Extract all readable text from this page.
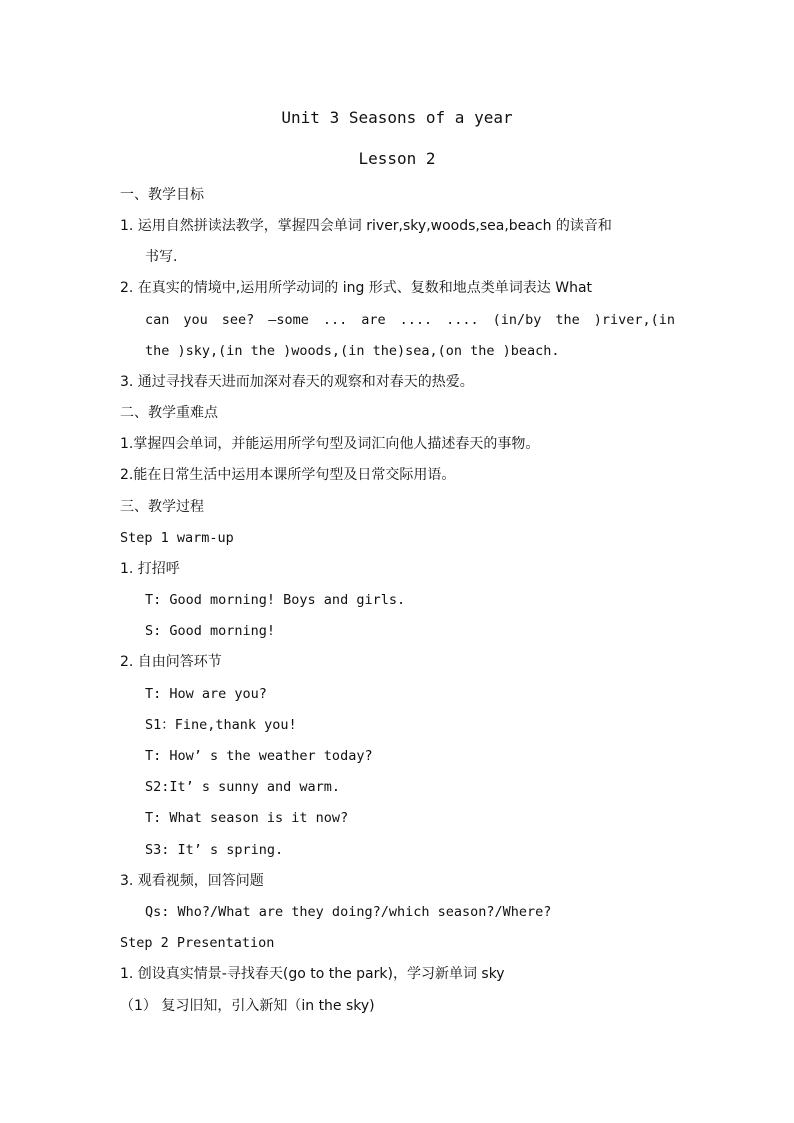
Unit 3 Seasons of a year
Lesson 2
一、教学目标
1. 运用自然拼读法教学，掌握四会单词 river,sky,woods,sea,beach 的读音和
书写.
2. 在真实的情境中,运用所学动词的 ing 形式、复数和地点类单词表达 What
can you see? —some ... are .... .... (in/by the )river,(in
the )sky,(in the )woods,(in the)sea,(on the )beach.
3. 通过寻找春天进而加深对春天的观察和对春天的热爱。
二、教学重难点
1.掌握四会单词，并能运用所学句型及词汇向他人描述春天的事物。
2.能在日常生活中运用本课所学句型及日常交际用语。
三、教学过程
Step 1 warm-up
1. 打招呼
T: Good morning! Boys and girls.
S: Good morning!
2. 自由问答环节
T: How are you?
S1：Fine,thank you!
T: How’ s the weather today?
S2:It’ s sunny and warm.
T: What season is it now?
S3: It’ s spring.
3. 观看视频，回答问题
Qs: Who?/What are they doing?/which season?/Where?
Step 2 Presentation
1. 创设真实情景-寻找春天(go to the park)，学习新单词 sky
（1） 复习旧知，引入新知（in the sky)
